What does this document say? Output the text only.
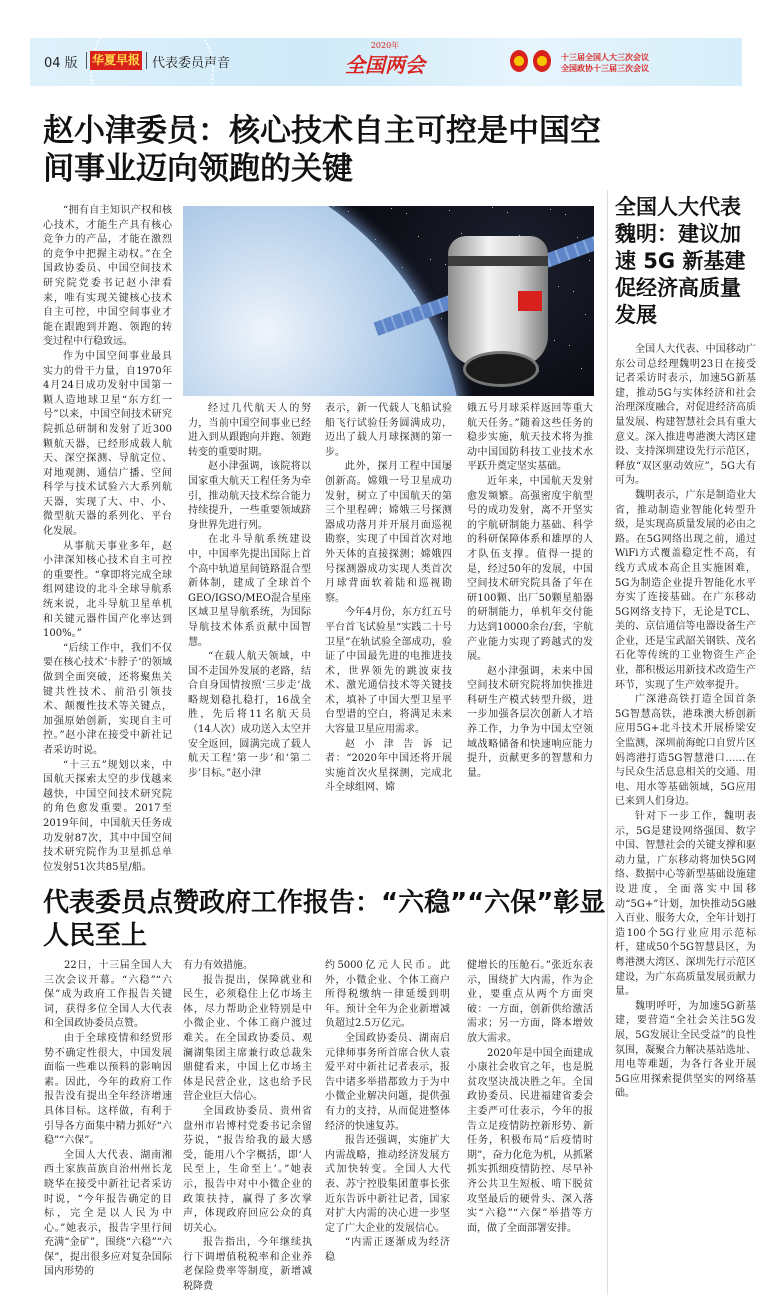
04 版 华夏早报 代表委员声音
2020年
全国两会	十三届全国人大三次会议
全国政协十三届三次会议
赵小津委员：核心技术自主可控是中国空间事业迈向领跑的关键

“拥有自主知识产权和核心技术，才能生产具有核心竞争力的产品，才能在激烈的竞争中把握主动权。”在全国政协委员、中国空间技术研究院党委书记赵小津看来，唯有实现关键核心技术自主可控，中国空间事业才能在跟跑到并跑、领跑的转变过程中行稳致远。

作为中国空间事业最具实力的骨干力量，自1970年4月24日成功发射中国第一颗人造地球卫星“东方红一号”以来，中国空间技术研究院抓总研制和发射了近300颗航天器，已经形成载人航天、深空探测、导航定位、对地观测、通信广播、空间科学与技术试验六大系列航天器，实现了大、中、小、微型航天器的系列化、平台化发展。

从事航天事业多年，赵小津深知核心技术自主可控的重要性。“拿即将完成全球组网建设的北斗全球导航系统来说，北斗导航卫星单机和关键元器件国产化率达到100%。”

“后续工作中，我们不仅要在核心技术‘卡脖子’的领域做到全面突破，还将聚焦关键共性技术、前沿引领技术、颠覆性技术等关键点，加强原始创新，实现自主可控。”赵小津在接受中新社记者采访时说。

“十三五”规划以来，中国航天探索太空的步伐越来越快，中国空间技术研究院的角色愈发重要。2017至2019年间，中国航天任务成功发射87次，其中中国空间技术研究院作为卫星抓总单位发射51次共85星/船。

经过几代航天人的努力，当前中国空间事业已经进入到从跟跑向并跑、领跑转变的重要时期。

赵小津强调，该院将以国家重大航天工程任务为牵引，推动航天技术综合能力持续提升，一些重要领域跻身世界先进行列。

在北斗导航系统建设中，中国率先提出国际上首个高中轨道星间链路混合型新体制，建成了全球首个GEO/IGSO/MEO混合星座区域卫星导航系统，为国际导航技术体系贡献中国智慧。

“在载人航天领域，中国不走国外发展的老路，结合自身国情按照‘三步走’战略规划稳扎稳打，16战全胜，先后将11名航天员（14人次）成功送入太空并安全返回，圆满完成了载人航天工程‘第一步’和‘第二步’目标。”赵小津

表示，新一代载人飞船试验船飞行试验任务圆满成功，迈出了载人月球探测的第一步。

此外，探月工程中国屡创新高。嫦娥一号卫星成功发射，树立了中国航天的第三个里程碑；嫦娥三号探测器成功落月并开展月面巡视勘察，实现了中国首次对地外天体的直接探测；嫦娥四号探测器成功实现人类首次月球背面软着陆和巡视勘察。

今年4月份，东方红五号平台首飞试验星“实践二十号卫星”在轨试验全部成功，验证了中国最先进的电推进技术，世界领先的跳波束技术、激光通信技术等关键技术，填补了中国大型卫星平台型谱的空白，将满足未来大容量卫星应用需求。

赵小津告诉记者：“2020年中国还将开展实施首次火星探测，完成北斗全球组网、嫦

娥五号月球采样返回等重大航天任务。”随着这些任务的稳步实施，航天技术将为推动中国国防科技工业技术水平跃升奠定坚实基础。

近年来，中国航天发射愈发频繁。高强密度宇航型号的成功发射，离不开坚实的宇航研制能力基础、科学的科研保障体系和雄厚的人才队伍支撑。值得一提的是，经过50年的发展，中国空间技术研究院具备了年在研100颗、出厂50颗星船器的研制能力，单机年交付能力达到10000余台/套，宇航产业能力实现了跨越式的发展。

赵小津强调，未来中国空间技术研究院将加快推进科研生产模式转型升级，进一步加强各层次创新人才培养工作，力争为中国太空领域战略储备和快速响应能力提升，贡献更多的智慧和力量。

全国人大代表魏明：建议加速 5G 新基建促经济高质量发展

全国人大代表、中国移动广东公司总经理魏明23日在接受记者采访时表示，加速5G新基建，推动5G与实体经济和社会治理深度融合，对促进经济高质量发展、构建智慧社会具有重大意义。深入推进粤港澳大湾区建设、支持深圳建设先行示范区，释放“双区驱动效应”，5G大有可为。

魏明表示，广东是制造业大省，推动制造业智能化转型升级，是实现高质量发展的必由之路。在5G网络出现之前，通过WiFi方式覆盖稳定性不高，有线方式成本高企且实施困难，5G为制造企业提升智能化水平夯实了连接基础。在广东移动5G网络支持下，无论是TCL、美的、京信通信等电器设备生产企业，还是宝武韶关钢铁、茂名石化等传统的工业物资生产企业，都积极运用新技术改造生产环节，实现了生产效率提升。

广深港高铁打造全国首条5G智慧高铁，港珠澳大桥创新应用5G+北斗技术开展桥梁安全监测，深圳前海蛇口自贸片区妈湾港打造5G智慧港口……在与民众生活息息相关的交通、用电、用水等基础领域，5G应用已来到人们身边。

针对下一步工作，魏明表示，5G是建设网络强国、数字中国、智慧社会的关键支撑和驱动力量，广东移动将加快5G网络、数据中心等新型基础设施建设进度，全面落实中国移动“5G+”计划，加快推动5G融入百业、服务大众，全年计划打造100个5G行业应用示范标杆，建成50个5G智慧县区，为粤港澳大湾区、深圳先行示范区建设，为广东高质量发展贡献力量。

魏明呼吁，为加速5G新基建，要营造“全社会关注5G发展，5G发展让全民受益”的良性氛围，凝聚合力解决基站选址、用电等难题，为各行各业开展5G应用探索提供坚实的网络基础。

代表委员点赞政府工作报告：“六稳”“六保”彰显人民至上

22日，十三届全国人大三次会议开幕。“六稳”“六保”成为政府工作报告关键词，获得多位全国人大代表和全国政协委员点赞。

由于全球疫情和经贸形势不确定性很大，中国发展面临一些难以预料的影响因素。因此，今年的政府工作报告没有提出全年经济增速具体目标。这样做，有利于引导各方面集中精力抓好“六稳”“六保”。

全国人大代表、湖南湘西土家族苗族自治州州长龙晓华在接受中新社记者采访时说，“今年报告确定的目标，完全是以人民为中心。”她表示，报告字里行间充满“金矿”，围绕“六稳”“六保”，提出很多应对复杂国际国内形势的

有力有效措施。

报告提出，保障就业和民生，必须稳住上亿市场主体，尽力帮助企业特别是中小微企业、个体工商户渡过难关。在全国政协委员、观澜湖集团主席兼行政总裁朱鼎健看来，中国上亿市场主体是民营企业，这也给予民营企业巨大信心。

全国政协委员、贵州省盘州市岩博村党委书记余留芬说，“报告给我的最大感受，能用八个字概括，即‘人民至上，生命至上’。”她表示，报告中对中小微企业的政策扶持，赢得了多次掌声，体现政府回应公众的真切关心。

报告指出，今年继续执行下调增值税税率和企业养老保险费率等制度，新增减税降费

约5000亿元人民币。此外，小微企业、个体工商户所得税缴纳一律延缓到明年。预计全年为企业新增减负超过2.5万亿元。

全国政协委员、湖南启元律师事务所首席合伙人袁爱平对中新社记者表示，报告中诸多举措都致力于为中小微企业解决问题，提供强有力的支持，从而促进整体经济的快速复苏。

报告还强调，实施扩大内需战略，推动经济发展方式加快转变。全国人大代表、苏宁控股集团董事长张近东告诉中新社记者，国家对扩大内需的决心进一步坚定了广大企业的发展信心。

“内需正逐渐成为经济稳

健增长的压舱石。”张近东表示，围绕扩大内需，作为企业，要重点从两个方面突破：一方面，创新供给激活需求；另一方面，降本增效放大需求。

2020年是中国全面建成小康社会收官之年，也是脱贫攻坚决战决胜之年。全国政协委员、民进福建省委会主委严可仕表示，今年的报告立足疫情防控新形势、新任务，积极布局“后疫情时期”，奋力化危为机，从抓紧抓实抓细疫情防控、尽早补齐公共卫生短板、啃下脱贫攻坚最后的硬骨头、深入落实“六稳”“六保”举措等方面，做了全面部署安排。
